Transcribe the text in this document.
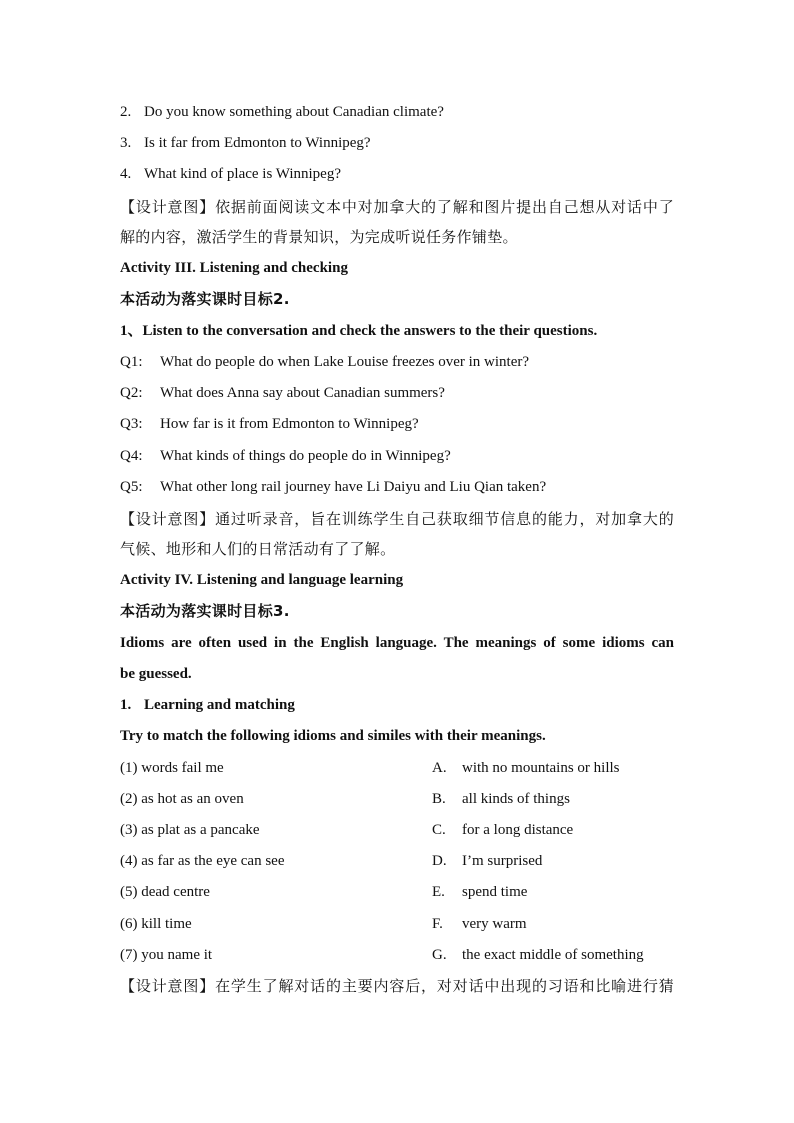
2. Do you know something about Canadian climate?
3. Is it far from Edmonton to Winnipeg?
4. What kind of place is Winnipeg?
【设计意图】依据前面阅读文本中对加拿大的了解和图片提出自己想从对话中了
解的内容，激活学生的背景知识，为完成听说任务作铺垫。
Activity III. Listening and checking
本活动为落实课时目标2.
1、Listen to the conversation and check the answers to the their questions.
Q1: What do people do when Lake Louise freezes over in winter?
Q2: What does Anna say about Canadian summers?
Q3: How far is it from Edmonton to Winnipeg?
Q4: What kinds of things do people do in Winnipeg?
Q5: What other long rail journey have Li Daiyu and Liu Qian taken?
【设计意图】通过听录音，旨在训练学生自己获取细节信息的能力，对加拿大的
气候、地形和人们的日常活动有了了解。
Activity IV. Listening and language learning
本活动为落实课时目标3.
Idioms are often used in the English language. The meanings of some idioms can
be guessed.
1. Learning and matching
Try to match the following idioms and similes with their meanings.
(1) words fail me
(2) as hot as an oven
(3) as plat as a pancake
(4) as far as the eye can see
(5) dead centre
(6) kill time
(7) you name it
A. with no mountains or hills
B. all kinds of things
C. for a long distance
D. I’m surprised
E. spend time
F. very warm
G. the exact middle of something
【设计意图】在学生了解对话的主要内容后，对对话中出现的习语和比喻进行猜
